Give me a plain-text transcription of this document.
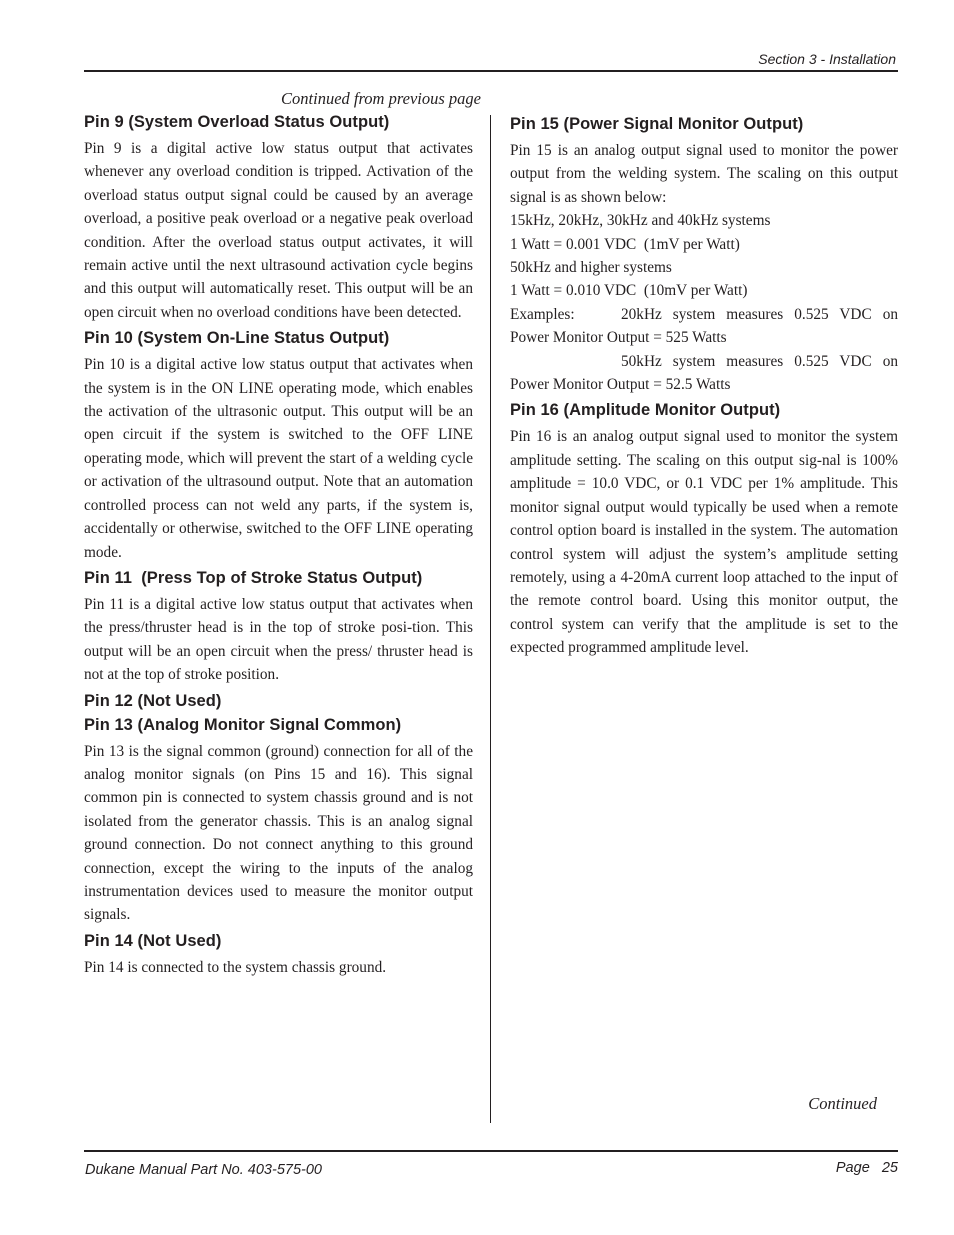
Section 3 - Installation
Continued from previous page
Pin 9 (System Overload Status Output)

Pin 9 is a digital active low status output that activates whenever any overload condition is tripped. Activation of the overload status output signal could be caused by an average overload, a positive peak overload or a negative peak overload condition. After the overload status output activates, it will remain active until the next ultrasound activation cycle begins and this output will automatically reset. This output will be an open circuit when no overload conditions have been detected.

Pin 10 (System On-Line Status Output)

Pin 10 is a digital active low status output that activates when the system is in the ON LINE operating mode, which enables the activation of the ultrasonic output. This output will be an open circuit if the system is switched to the OFF LINE operating mode, which will prevent the start of a welding cycle or activation of the ultrasound output. Note that an automation controlled process can not weld any parts, if the system is, accidentally or otherwise, switched to the OFF LINE operating mode.

Pin 11  (Press Top of Stroke Status Output)

Pin 11 is a digital active low status output that activates when the press/thruster head is in the top of stroke posi-tion. This output will be an open circuit when the press/ thruster head is not at the top of stroke position.

Pin 12 (Not Used)
Pin 13 (Analog Monitor Signal Common)

Pin 13 is the signal common (ground) connection for all of the analog monitor signals (on Pins 15 and 16). This signal common pin is connected to system chassis ground and is not isolated from the generator chassis. This is an analog signal ground connection. Do not connect anything to this ground connection, except the wiring to the inputs of the analog instrumentation devices used to measure the monitor output signals.

Pin 14 (Not Used)

Pin 14 is connected to the system chassis ground.

Pin 15 (Power Signal Monitor Output)

Pin 15 is an analog output signal used to monitor the power output from the welding system. The scaling on this output signal is as shown below:

15kHz, 20kHz, 30kHz and 40kHz systems
1 Watt = 0.001 VDC  (1mV per Watt)
50kHz and higher systems
1 Watt = 0.010 VDC  (10mV per Watt)
Examples:	20kHz system measures 0.525 VDC on
Power Monitor Output = 525 Watts
50kHz system measures 0.525 VDC on
Power Monitor Output = 52.5 Watts
Pin 16 (Amplitude Monitor Output)

Pin 16 is an analog output signal used to monitor the system amplitude setting. The scaling on this output sig-nal is 100% amplitude = 10.0 VDC, or 0.1 VDC per 1% amplitude. This monitor signal output would typically be used when a remote control option board is installed in the system. The automation control system will adjust the system’s amplitude setting remotely, using a 4-20mA current loop attached to the input of the remote control board. Using this monitor output, the control system can verify that the amplitude is set to the expected programmed amplitude level.

Continued
Dukane Manual Part No. 403-575-00	Page 25
